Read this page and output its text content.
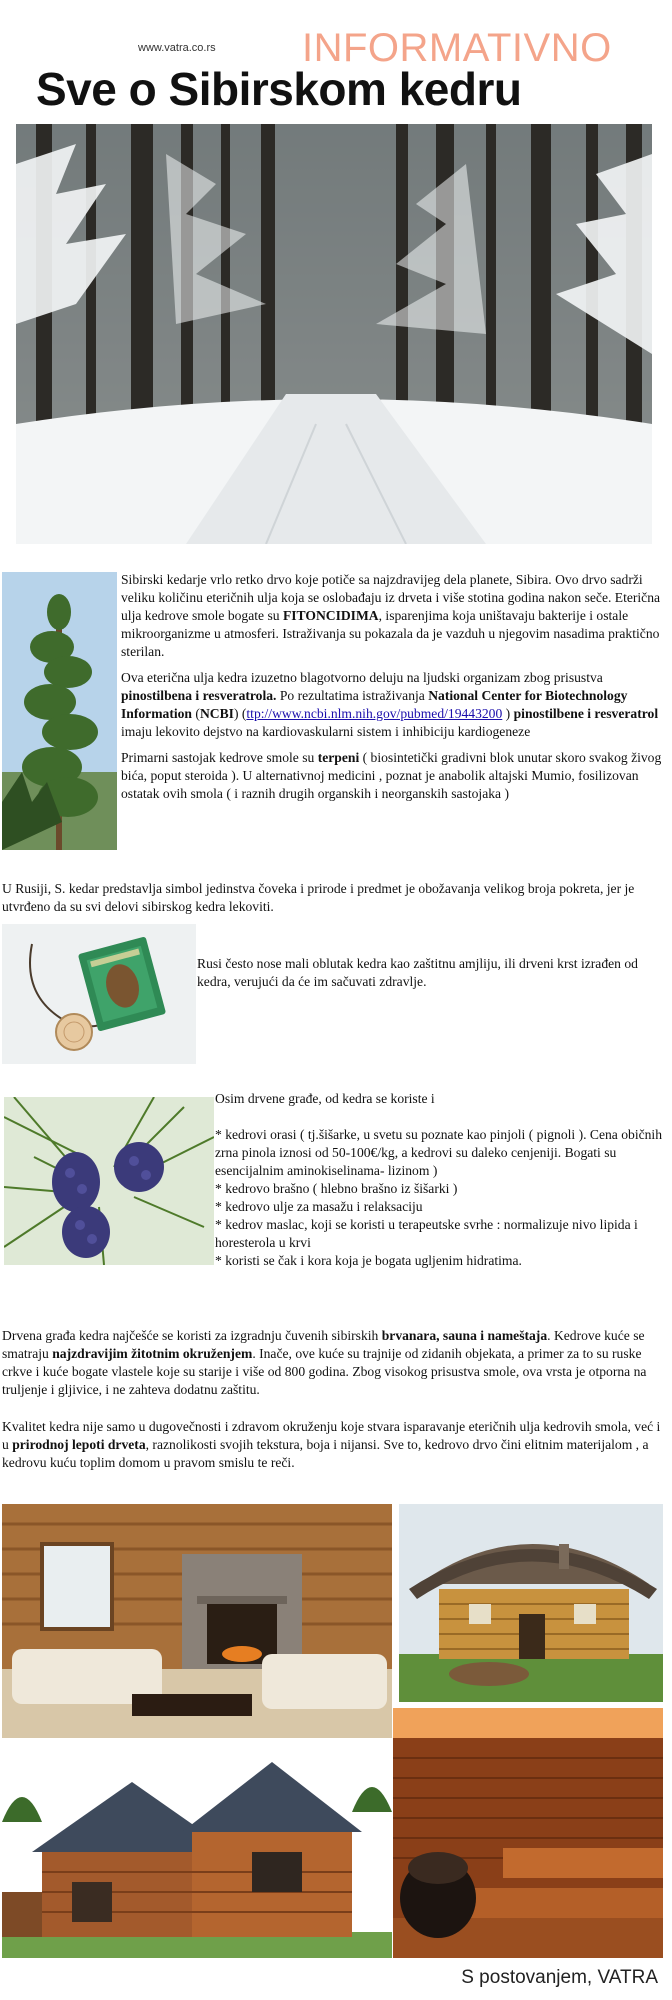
www.vatra.co.rs INFORMATIVNO
Sve o Sibirskom kedru

Sibirski kedarje vrlo retko drvo koje potiče sa najzdravijeg dela planete, Sibira. Ovo drvo sadrži veliku količinu eteričnih ulja koja se oslobađaju iz drveta i više stotina godina nakon seče. Eterična ulja kedrove smole bogate su FITONCIDIMA, isparenjima koja uništavaju bakterije i ostale mikroorganizme u atmosferi. Istraživanja su pokazala da je vazduh u njegovim nasadima praktično sterilan.

Ova eterična ulja kedra izuzetno blagotvorno deluju na ljudski organizam zbog prisustva pinostilbena i resveratrola. Po rezultatima istraživanja National Center for Biotechnology Information (NCBI) (ttp://www.ncbi.nlm.nih.gov/pubmed/19443200 ) pinostilbene i resveratrol imaju lekovito dejstvo na kardiovaskularni sistem i inhibiciju kardiogeneze

Primarni sastojak kedrove smole su terpeni ( biosintetički gradivni blok unutar skoro svakog živog bića, poput steroida ). U alternativnoj medicini , poznat je anabolik altajski Mumio, fosilizovan ostatak ovih smola ( i raznih drugih organskih i neorganskih sastojaka )

U Rusiji, S. kedar predstavlja simbol jedinstva čoveka i prirode i predmet je obožavanja velikog broja pokreta, jer je utvrđeno da su svi delovi sibirskog kedra lekoviti.

Rusi često nose mali oblutak kedra kao zaštitnu amjliju, ili drveni krst izrađen od kedra, verujući da će im sačuvati zdravlje.

Osim drvene građe, od kedra se koriste i

* kedrovi orasi ( tj.šišarke, u svetu su poznate kao pinjoli ( pignoli ). Cena običnih zrna pinola iznosi od 50-100€/kg, a kedrovi su daleko cenjeniji. Bogati su esencijalnim aminokiselinama- lizinom )

* kedrovo brašno ( hlebno brašno iz šišarki )

* kedrovo ulje za masažu i relaksaciju

* kedrov maslac, koji se koristi u terapeutske svrhe : normalizuje nivo lipida i horesterola u krvi

* koristi se čak i kora koja je bogata ugljenim hidratima.

Drvena građa kedra najčešće se koristi za izgradnju čuvenih sibirskih brvanara, sauna i nameštaja. Kedrove kuće se smatraju najzdravijim žitotnim okruženjem. Inače, ove kuće su trajnije od zidanih objekata, a primer za to su ruske crkve i kuće bogate vlastele koje su starije i više od 800 godina. Zbog visokog prisustva smole, ova vrsta je otporna na truljenje i gljivice, i ne zahteva dodatnu zaštitu.

Kvalitet kedra nije samo u dugovečnosti i zdravom okruženju koje stvara isparavanje eteričnih ulja kedrovih smola, već i u prirodnoj lepoti drveta, raznolikosti svojih tekstura, boja i nijansi. Sve to, kedrovo drvo čini elitnim materijalom , a kedrovu kuću toplim domom u pravom smislu te reči.

S postovanjem, VATRA
